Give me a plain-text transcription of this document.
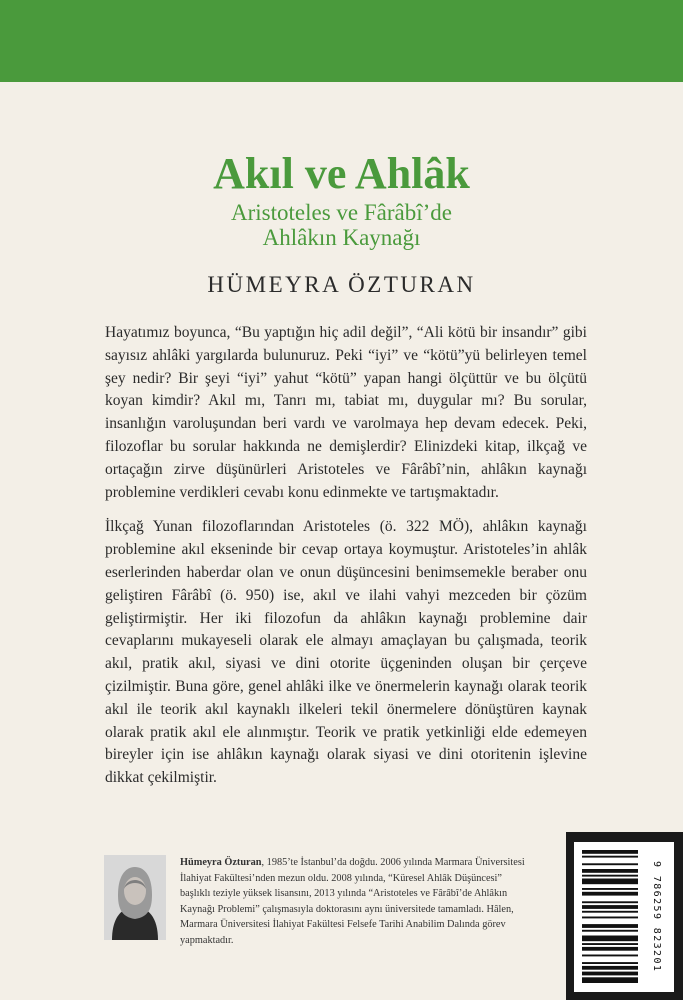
Akıl ve Ahlâk

Aristoteles ve Fârâbî’de

Ahlâkın Kaynağı

HÜMEYRA ÖZTURAN

Hayatımız boyunca, “Bu yaptığın hiç adil değil”, “Ali kötü bir insandır” gibi sayısız ahlâki yargılarda bulunuruz. Peki “iyi” ve “kötü”yü belirleyen temel şey nedir? Bir şeyi “iyi” yahut “kötü” yapan hangi ölçüttür ve bu ölçütü koyan kimdir? Akıl mı, Tanrı mı, tabiat mı, duygular mı? Bu sorular, insanlığın varoluşundan beri vardı ve varolmaya hep devam edecek. Peki, filozoflar bu sorular hakkında ne demişlerdir? Elinizdeki kitap, ilkçağ ve ortaçağın zirve düşünürleri Aristoteles ve Fârâbî’nin, ahlâkın kaynağı problemine verdikleri cevabı konu edinmekte ve tartışmaktadır.

İlkçağ Yunan filozoflarından Aristoteles (ö. 322 MÖ), ahlâkın kaynağı problemine akıl ekseninde bir cevap ortaya koymuştur. Aristoteles’in ahlâk eserlerinden haberdar olan ve onun düşüncesini benimsemekle beraber onu geliştiren Fârâbî (ö. 950) ise, akıl ve ilahi vahyi mezceden bir çözüm geliştirmiştir. Her iki filozofun da ahlâkın kaynağı problemine dair cevaplarını mukayeseli olarak ele almayı amaçlayan bu çalışmada, teorik akıl, pratik akıl, siyasi ve dini otorite üçgeninden oluşan bir çerçeve çizilmiştir. Buna göre, genel ahlâki ilke ve önermelerin kaynağı olarak teorik akıl ile teorik akıl kaynaklı ilkeleri tekil önermelere dönüştüren kaynak olarak pratik akıl ele alınmıştır. Teorik ve pratik yetkinliği elde edemeyen bireyler için ise ahlâkın kaynağı olarak siyasi ve dini otoritenin işlevine dikkat çekilmiştir.

Hümeyra Özturan, 1985’te İstanbul’da doğdu. 2006 yılında Marmara Üniversitesi İlahiyat Fakültesi’nden mezun oldu. 2008 yılında, “Küresel Ahlâk Düşüncesi” başlıklı teziyle yüksek lisansını, 2013 yılında “Aristoteles ve Fârâbî’de Ahlâkın Kaynağı Problemi” çalışmasıyla doktorasını aynı üniversitede tamamladı. Hâlen, Marmara Üniversitesi İlahiyat Fakültesi Felsefe Tarihi Anabilim Dalında görev yapmaktadır.	9 786259 823201
